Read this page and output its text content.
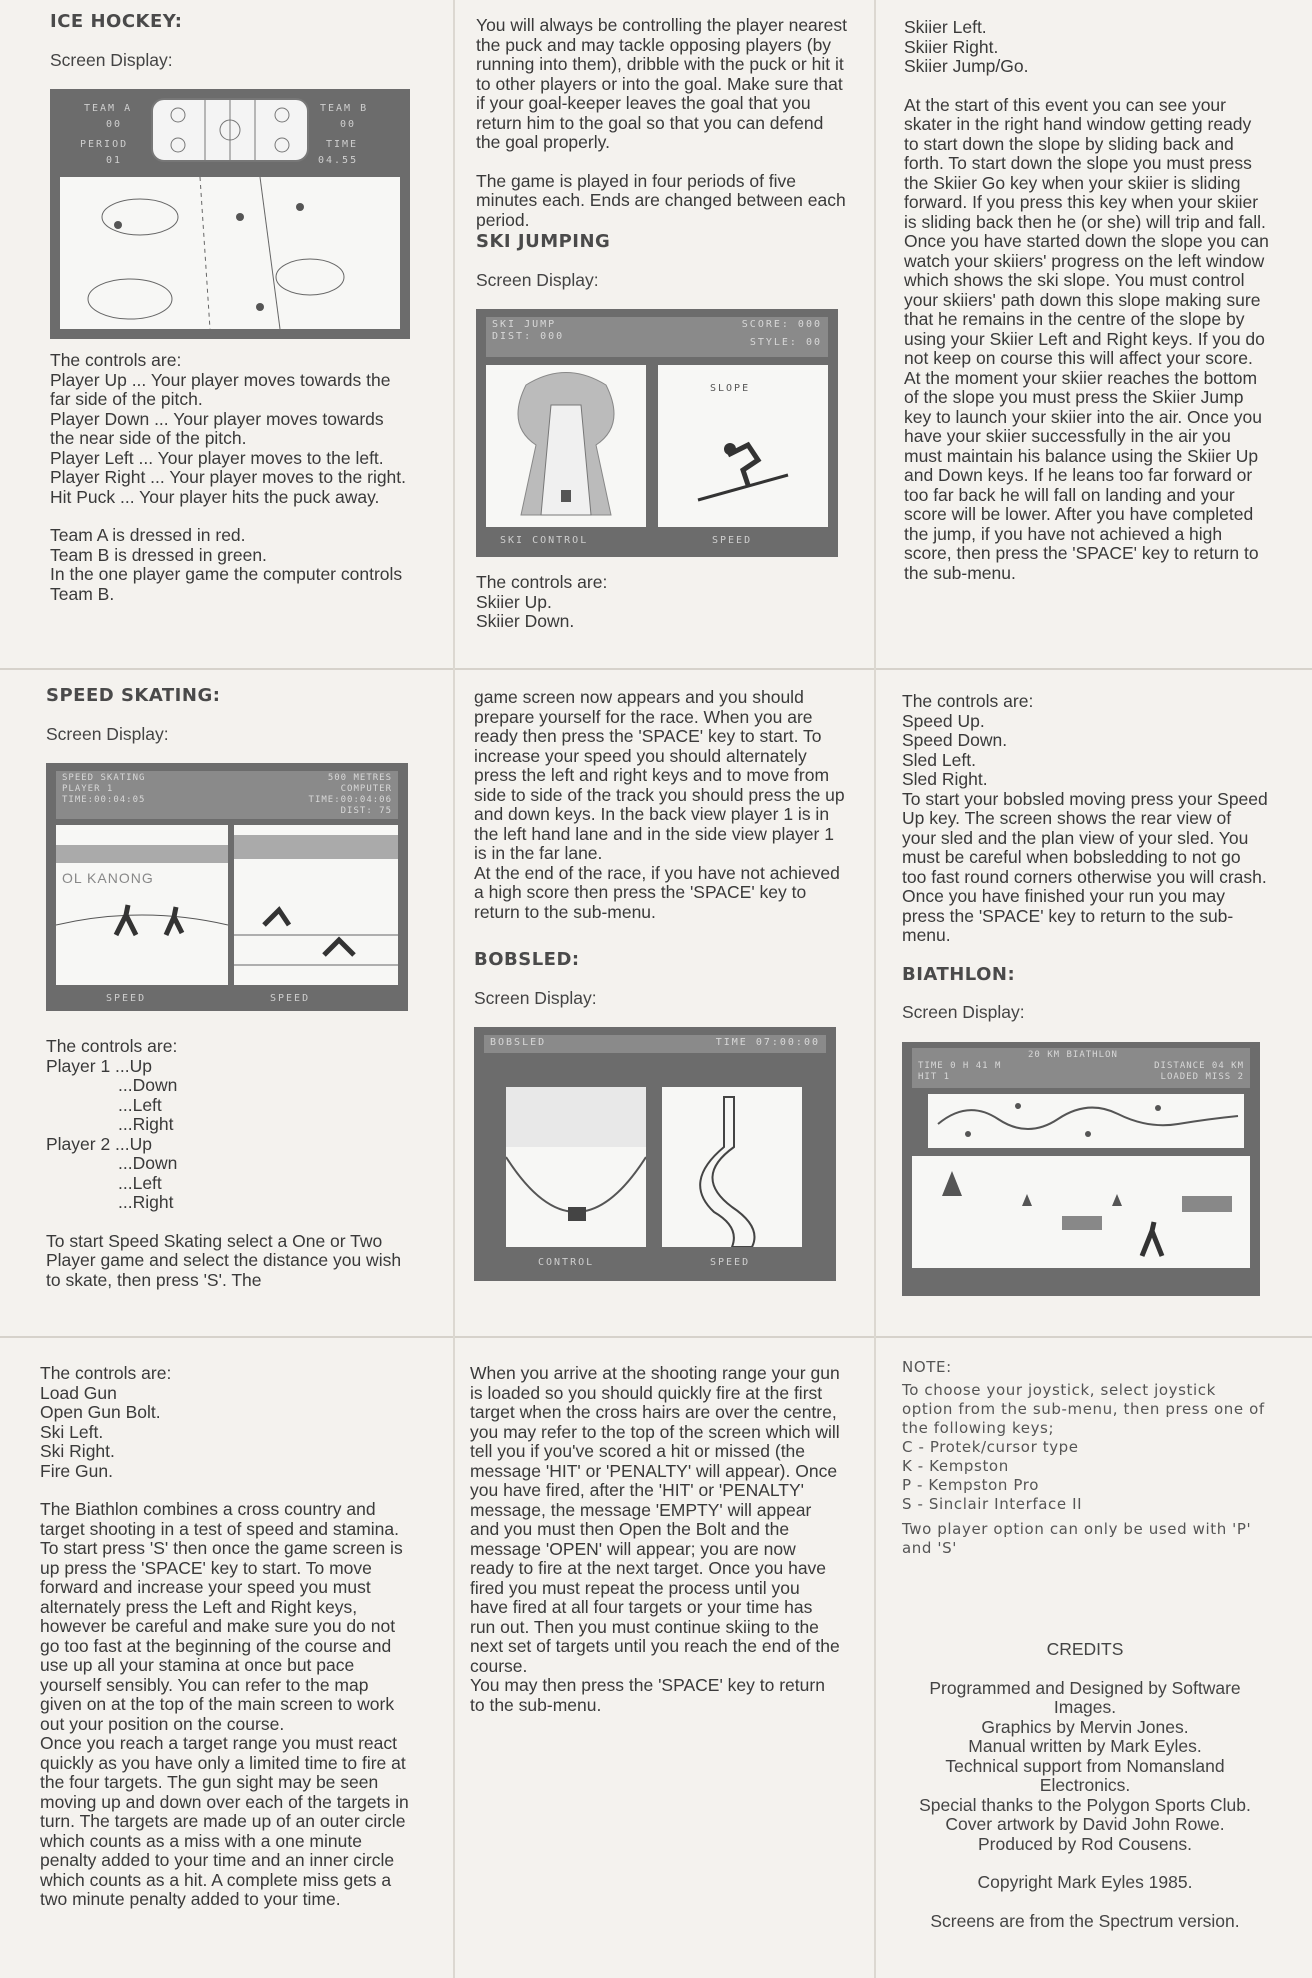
ICE HOCKEY:

Screen Display:

TEAM A
00
PERIOD
01
TEAM B
00
TIME
04.55

The controls are:

Player Up ... Your player moves towards the far side of the pitch.

Player Down ... Your player moves towards the near side of the pitch.

Player Left ... Your player moves to the left.

Player Right ... Your player moves to the right.

Hit Puck ... Your player hits the puck away.

Team A is dressed in red.

Team B is dressed in green.

In the one player game the computer controls Team B.

You will always be controlling the player nearest the puck and may tackle opposing players (by running into them), dribble with the puck or hit it to other players or into the goal. Make sure that if your goal-keeper leaves the goal that you return him to the goal so that you can defend the goal properly.

The game is played in four periods of five minutes each. Ends are changed between each period.

SKI JUMPING

Screen Display:

SKI JUMP	SCORE: 000

DIST: 000
STYLE: 00
SLOPE
SKI CONTROL	SPEED

The controls are:

Skiier Up.

Skiier Down.

Skiier Left.

Skiier Right.

Skiier Jump/Go.

At the start of this event you can see your skater in the right hand window getting ready to start down the slope by sliding back and forth. To start down the slope you must press the Skiier Go key when your skiier is sliding forward. If you press this key when your skiier is sliding back then he (or she) will trip and fall. Once you have started down the slope you can watch your skiiers' progress on the left window which shows the ski slope. You must control your skiiers' path down this slope making sure that he remains in the centre of the slope by using your Skiier Left and Right keys. If you do not keep on course this will affect your score. At the moment your skiier reaches the bottom of the slope you must press the Skiier Jump key to launch your skiier into the air. Once you have your skiier successfully in the air you must maintain his balance using the Skiier Up and Down keys. If he leans too far forward or too far back he will fall on landing and your score will be lower. After you have completed the jump, if you have not achieved a high score, then press the 'SPACE' key to return to the sub-menu.

SPEED SKATING:

Screen Display:

SPEED SKATING	500 METRES

PLAYER 1	COMPUTER

TIME:00:04:05	TIME:00:04:06

DIST: 75
OL KANONG
SPEED	SPEED

The controls are:

Player 1 ...Up

...Down

...Left

...Right

Player 2 ...Up

...Down

...Left

...Right

To start Speed Skating select a One or Two Player game and select the distance you wish to skate, then press 'S'. The

game screen now appears and you should prepare yourself for the race. When you are ready then press the 'SPACE' key to start. To increase your speed you should alternately press the left and right keys and to move from side to side of the track you should press the up and down keys. In the back view player 1 is in the left hand lane and in the side view player 1 is in the far lane.

At the end of the race, if you have not achieved a high score then press the 'SPACE' key to return to the sub-menu.

BOBSLED:

Screen Display:

BOBSLED	TIME 07:00:00
CONTROL	SPEED

The controls are:

Speed Up.

Speed Down.

Sled Left.

Sled Right.

To start your bobsled moving press your Speed Up key. The screen shows the rear view of your sled and the plan view of your sled. You must be careful when bobsledding to not go too fast round corners otherwise you will crash.

Once you have finished your run you may press the 'SPACE' key to return to the sub-menu.

BIATHLON:

Screen Display:

20 KM BIATHLON
TIME 0 H 41 M	DISTANCE 04 KM

HIT 1	LOADED MISS 2

The controls are:

Load Gun

Open Gun Bolt.

Ski Left.

Ski Right.

Fire Gun.

The Biathlon combines a cross country and target shooting in a test of speed and stamina. To start press 'S' then once the game screen is up press the 'SPACE' key to start. To move forward and increase your speed you must alternately press the Left and Right keys, however be careful and make sure you do not go too fast at the beginning of the course and use up all your stamina at once but pace yourself sensibly. You can refer to the map given on at the top of the main screen to work out your position on the course.

Once you reach a target range you must react quickly as you have only a limited time to fire at the four targets. The gun sight may be seen moving up and down over each of the targets in turn. The targets are made up of an outer circle which counts as a miss with a one minute penalty added to your time and an inner circle which counts as a hit. A complete miss gets a two minute penalty added to your time.

When you arrive at the shooting range your gun is loaded so you should quickly fire at the first target when the cross hairs are over the centre, you may refer to the top of the screen which will tell you if you've scored a hit or missed (the message 'HIT' or 'PENALTY' will appear). Once you have fired, after the 'HIT' or 'PENALTY' message, the message 'EMPTY' will appear and you must then Open the Bolt and the message 'OPEN' will appear; you are now ready to fire at the next target. Once you have fired you must repeat the process until you have fired at all four targets or your time has run out. Then you must continue skiing to the next set of targets until you reach the end of the course.

You may then press the 'SPACE' key to return to the sub-menu.

NOTE:

To choose your joystick, select joystick option from the sub-menu, then press one of the following keys;

C - Protek/cursor type

K - Kempston

P - Kempston Pro

S - Sinclair Interface II

Two player option can only be used with 'P' and 'S'

CREDITS

Programmed and Designed by Software Images.

Graphics by Mervin Jones.

Manual written by Mark Eyles.

Technical support from Nomansland Electronics.

Special thanks to the Polygon Sports Club.

Cover artwork by David John Rowe.

Produced by Rod Cousens.

Copyright Mark Eyles 1985.

Screens are from the Spectrum version.
